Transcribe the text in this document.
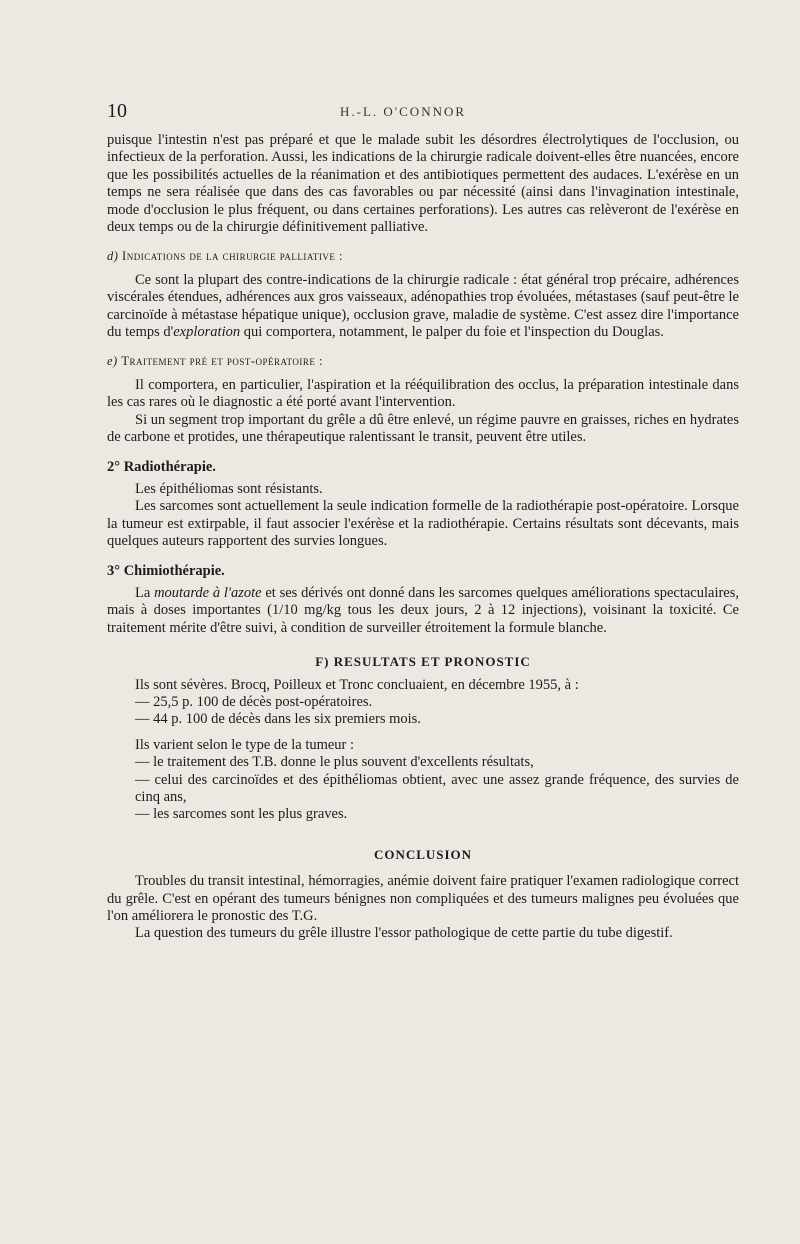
10	H.-L. O'CONNOR

puisque l'intestin n'est pas préparé et que le malade subit les désordres électrolytiques de l'occlusion, ou infectieux de la perforation. Aussi, les indications de la chirurgie radicale doivent-elles être nuancées, encore que les possibilités actuelles de la réanimation et des antibiotiques permettent des audaces. L'exérèse en un temps ne sera réalisée que dans des cas favorables ou par nécessité (ainsi dans l'invagination intestinale, mode d'occlusion le plus fréquent, ou dans certaines perforations). Les autres cas relèveront de l'exérèse en deux temps ou de la chirurgie définitivement palliative.

d) Indications de la chirurgie palliative :

Ce sont la plupart des contre-indications de la chirurgie radicale : état général trop précaire, adhérences viscérales étendues, adhérences aux gros vaisseaux, adénopathies trop évoluées, métastases (sauf peut-être le carcinoïde à métastase hépatique unique), occlusion grave, maladie de système. C'est assez dire l'importance du temps d'exploration qui comportera, notamment, le palper du foie et l'inspection du Douglas.

e) Traitement pré et post-opératoire :

Il comportera, en particulier, l'aspiration et la rééquilibration des occlus, la préparation intestinale dans les cas rares où le diagnostic a été porté avant l'intervention.

Si un segment trop important du grêle a dû être enlevé, un régime pauvre en graisses, riches en hydrates de carbone et protides, une thérapeutique ralentissant le transit, peuvent être utiles.

2° Radiothérapie.

Les épithéliomas sont résistants.

Les sarcomes sont actuellement la seule indication formelle de la radiothérapie post-opératoire. Lorsque la tumeur est extirpable, il faut associer l'exérèse et la radiothérapie. Certains résultats sont décevants, mais quelques auteurs rapportent des survies longues.

3° Chimiothérapie.

La moutarde à l'azote et ses dérivés ont donné dans les sarcomes quelques améliorations spectaculaires, mais à doses importantes (1/10 mg/kg tous les deux jours, 2 à 12 injections), voisinant la toxicité. Ce traitement mérite d'être suivi, à condition de surveiller étroitement la formule blanche.

F) RESULTATS ET PRONOSTIC

Ils sont sévères. Brocq, Poilleux et Tronc concluaient, en décembre 1955, à :

— 25,5 p. 100 de décès post-opératoires.
— 44 p. 100 de décès dans les six premiers mois.

Ils varient selon le type de la tumeur :

— le traitement des T.B. donne le plus souvent d'excellents résultats,
— celui des carcinoïdes et des épithéliomas obtient, avec une assez grande fréquence, des survies de cinq ans,
— les sarcomes sont les plus graves.
CONCLUSION

Troubles du transit intestinal, hémorragies, anémie doivent faire pratiquer l'examen radiologique correct du grêle. C'est en opérant des tumeurs bénignes non compliquées et des tumeurs malignes peu évoluées que l'on améliorera le pronostic des T.G.

La question des tumeurs du grêle illustre l'essor pathologique de cette partie du tube digestif.
